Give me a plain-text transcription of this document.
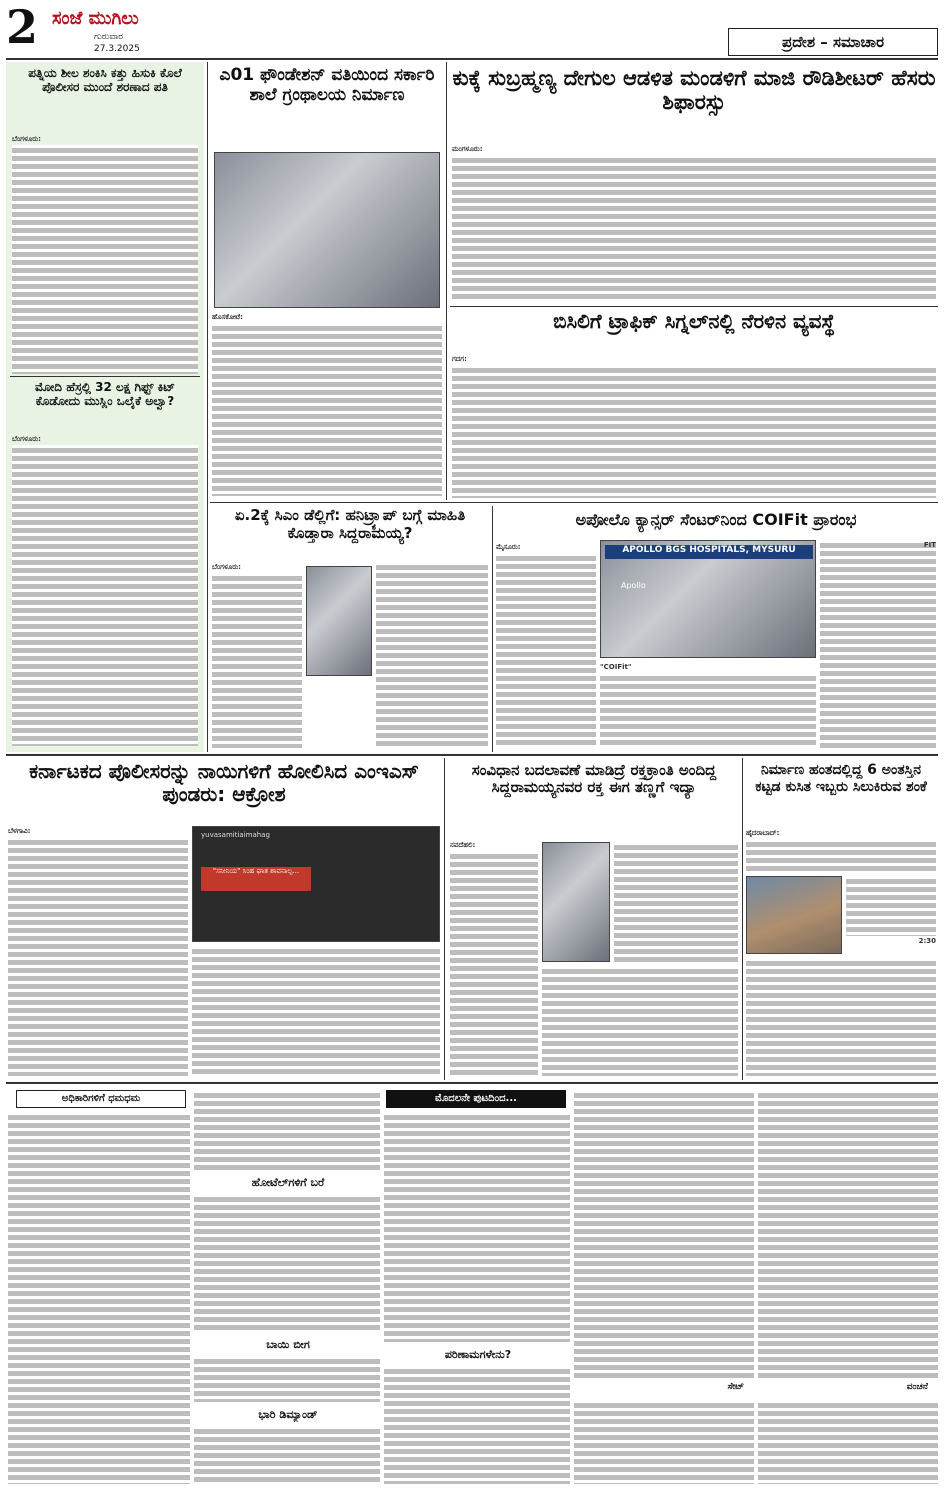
2 ಸಂಜೆ ಮುಗಿಲು
ಗುರುವಾರ
27.3.2025	ಪ್ರದೇಶ – ಸಮಾಚಾರ
ಪತ್ನಿಯ ಶೀಲ ಶಂಕಿಸಿ ಕತ್ತು ಹಿಸುಕಿ ಕೊಲೆ ಪೊಲೀಸರ ಮುಂದೆ ಶರಣಾದ ಪತಿ
ಬೆಂಗಳೂರು:
ಮೋದಿ ಹೆಸ್ರಲ್ಲಿ 32 ಲಕ್ಷ ಗಿಫ್ಟ್ ಕಿಟ್ ಕೊಡೋದು ಮುಸ್ಲಿಂ ಒಲೈಕೆ ಅಲ್ವಾ?
ಬೆಂಗಳೂರು:
ಎ01 ಫೌಂಡೇಶನ್ ವತಿಯಿಂದ ಸರ್ಕಾರಿ ಶಾಲೆ ಗ್ರಂಥಾಲಯ ನಿರ್ಮಾಣ
ಹೊಸಕೋಟೆ:
ಕುಕ್ಕೆ ಸುಬ್ರಹ್ಮಣ್ಯ ದೇಗುಲ ಆಡಳಿತ ಮಂಡಳಿಗೆ ಮಾಜಿ ರೌಡಿಶೀಟರ್ ಹೆಸರು ಶಿಫಾರಸ್ಸು
ಮಂಗಳೂರು:
ಬಿಸಿಲಿಗೆ ಟ್ರಾಫಿಕ್ ಸಿಗ್ನಲ್‌ನಲ್ಲಿ ನೆರಳಿನ ವ್ಯವಸ್ಥೆ
ಗದಗ:
ಏ.2ಕ್ಕೆ ಸಿಎಂ ಡೆಲ್ಲಿಗೆ: ಹನಿಟ್ರ್ಯಾಪ್ ಬಗ್ಗೆ ಮಾಹಿತಿ ಕೊಡ್ತಾರಾ ಸಿದ್ದರಾಮಯ್ಯ?
ಬೆಂಗಳೂರು:
ಅಪೋಲೊ ಕ್ಯಾನ್ಸರ್ ಸೆಂಟರ್‌ನಿಂದ COIFit ಪ್ರಾರಂಭ
ಮೈಸೂರು:	APOLLO BGS HOSPITALS, MYSURU
Apollo
"COIFit"
FIT
ಕರ್ನಾಟಕದ ಪೊಲೀಸರನ್ನು ನಾಯಿಗಳಿಗೆ ಹೋಲಿಸಿದ ಎಂಇಎಸ್ ಪುಂಡರು: ಆಕ್ರೋಶ
ಬೆಳಗಾವಿ:	yuvasamitiaimahag
"ಸನೀನಿಯ" ಸಿಂಹ ಘಾತ ಶಾವನಾಲ್ಪ...
ಸಂವಿಧಾನ ಬದಲಾವಣೆ ಮಾಡಿದ್ರೆ ರಕ್ತಕ್ರಾಂತಿ ಅಂದಿದ್ದ ಸಿದ್ದರಾಮಯ್ಯನವರ ರಕ್ತ ಈಗ ತಣ್ಣಗೆ ಇದ್ಯಾ
ನವದೆಹಲಿ:
ನಿರ್ಮಾಣ ಹಂತದಲ್ಲಿದ್ದ 6 ಅಂತಸ್ತಿನ ಕಟ್ಟಡ ಕುಸಿತ ಇಬ್ಬರು ಸಿಲುಕಿರುವ ಶಂಕೆ
ಹೈದರಾಬಾದ್:
2:30
ಅಧಿಕಾರಿಗಳಿಗೆ ಧಮಧಮ
ಹೋಟೆಲ್‌ಗಳಿಗೆ ಬರೆ
ಬಾಯಿ ಬೀಗ
ಭಾರಿ ಡಿಮ್ಯಾಂಡ್
ಮೊದಲನೇ ಪುಟದಿಂದ...
ಪರಿಣಾಮಗಳೇನು?
ಸೇಟ್	ವಂಚನೆ
